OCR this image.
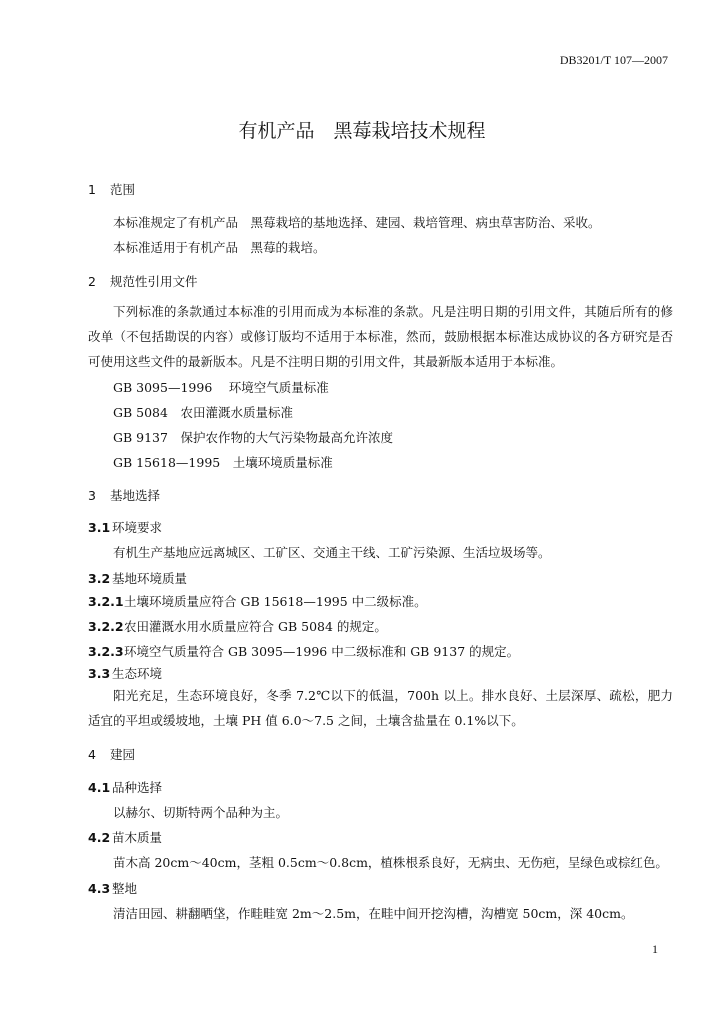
DB3201/T 107—2007
有机产品　黑莓栽培技术规程
1 范围
本标准规定了有机产品　黑莓栽培的基地选择、建园、栽培管理、病虫草害防治、采收。
本标准适用于有机产品　黑莓的栽培。
2 规范性引用文件
下列标准的条款通过本标准的引用而成为本标准的条款。凡是注明日期的引用文件，其随后所有的修改单（不包括勘误的内容）或修订版均不适用于本标准，然而，鼓励根据本标准达成协议的各方研究是否可使用这些文件的最新版本。凡是不注明日期的引用文件，其最新版本适用于本标准。
GB 3095—1996　 环境空气质量标准
GB 5084　农田灌溉水质量标准
GB 9137　保护农作物的大气污染物最高允许浓度
GB 15618—1995　土壤环境质量标准
3 基地选择
3.1 环境要求
有机生产基地应远离城区、工矿区、交通主干线、工矿污染源、生活垃圾场等。
3.2 基地环境质量
3.2.1土壤环境质量应符合 GB 15618—1995 中二级标准。
3.2.2农田灌溉水用水质量应符合 GB 5084 的规定。
3.2.3环境空气质量符合 GB 3095—1996 中二级标准和 GB 9137 的规定。
3.3 生态环境
阳光充足，生态环境良好，冬季 7.2℃以下的低温，700h 以上。排水良好、土层深厚、疏松，肥力适宜的平坦或缓坡地，土壤 PH 值 6.0～7.5 之间，土壤含盐量在 0.1%以下。
4 建园
4.1 品种选择
以赫尔、切斯特两个品种为主。
4.2 苗木质量
苗木高 20cm～40cm，茎粗 0.5cm～0.8cm，植株根系良好，无病虫、无伤疤，呈绿色或棕红色。
4.3 整地
清洁田园、耕翻晒垡，作畦畦宽 2m～2.5m，在畦中间开挖沟槽，沟槽宽 50cm，深 40cm。
1
